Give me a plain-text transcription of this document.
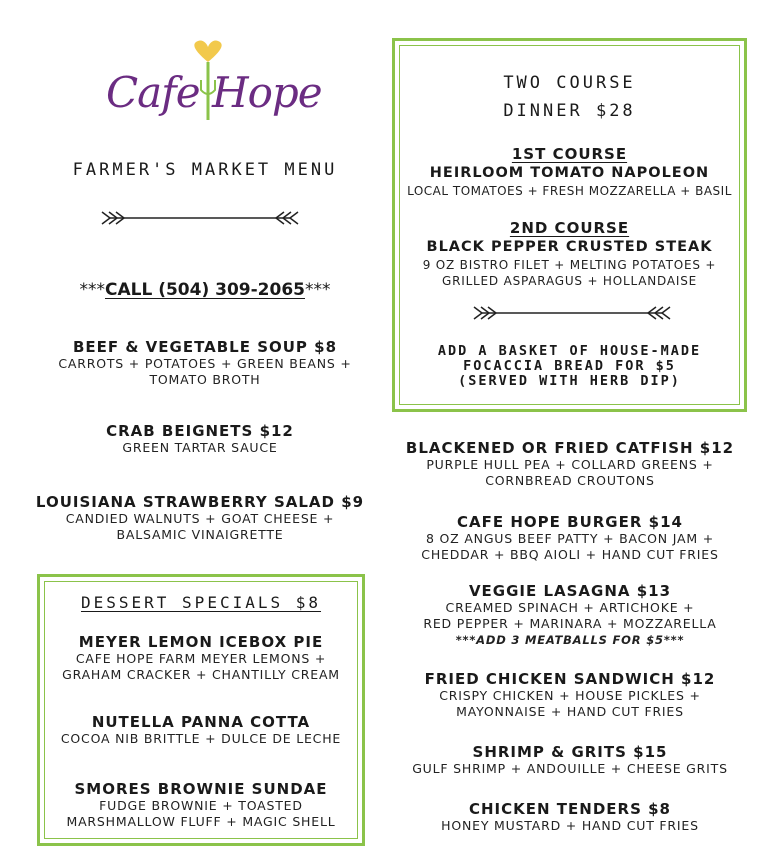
Cafe Hope
FARMER'S MARKET MENU
***CALL (504) 309-2065***
BEEF & VEGETABLE SOUP $8
CARROTS + POTATOES + GREEN BEANS +
TOMATO BROTH
CRAB BEIGNETS $12
GREEN TARTAR SAUCE
LOUISIANA STRAWBERRY SALAD $9
CANDIED WALNUTS + GOAT CHEESE +
BALSAMIC VINAIGRETTE
DESSERT SPECIALS $8
MEYER LEMON ICEBOX PIE
CAFE HOPE FARM MEYER LEMONS +
GRAHAM CRACKER + CHANTILLY CREAM
NUTELLA PANNA COTTA
COCOA NIB BRITTLE + DULCE DE LECHE
SMORES BROWNIE SUNDAE
FUDGE BROWNIE + TOASTED
MARSHMALLOW FLUFF + MAGIC SHELL
TWO COURSE
DINNER $28
1ST COURSE
HEIRLOOM TOMATO NAPOLEON
LOCAL TOMATOES + FRESH MOZZARELLA + BASIL
2ND COURSE
BLACK PEPPER CRUSTED STEAK
9 OZ BISTRO FILET + MELTING POTATOES +
GRILLED ASPARAGUS + HOLLANDAISE
ADD A BASKET OF HOUSE-MADE
FOCACCIA BREAD FOR $5
(SERVED WITH HERB DIP)
BLACKENED OR FRIED CATFISH $12
PURPLE HULL PEA + COLLARD GREENS +
CORNBREAD CROUTONS
CAFE HOPE BURGER $14
8 OZ ANGUS BEEF PATTY + BACON JAM +
CHEDDAR + BBQ AIOLI + HAND CUT FRIES
VEGGIE LASAGNA $13
CREAMED SPINACH + ARTICHOKE +
RED PEPPER + MARINARA + MOZZARELLA
***ADD 3 MEATBALLS FOR $5***
FRIED CHICKEN SANDWICH $12
CRISPY CHICKEN + HOUSE PICKLES +
MAYONNAISE + HAND CUT FRIES
SHRIMP & GRITS $15
GULF SHRIMP + ANDOUILLE + CHEESE GRITS
CHICKEN TENDERS $8
HONEY MUSTARD + HAND CUT FRIES
